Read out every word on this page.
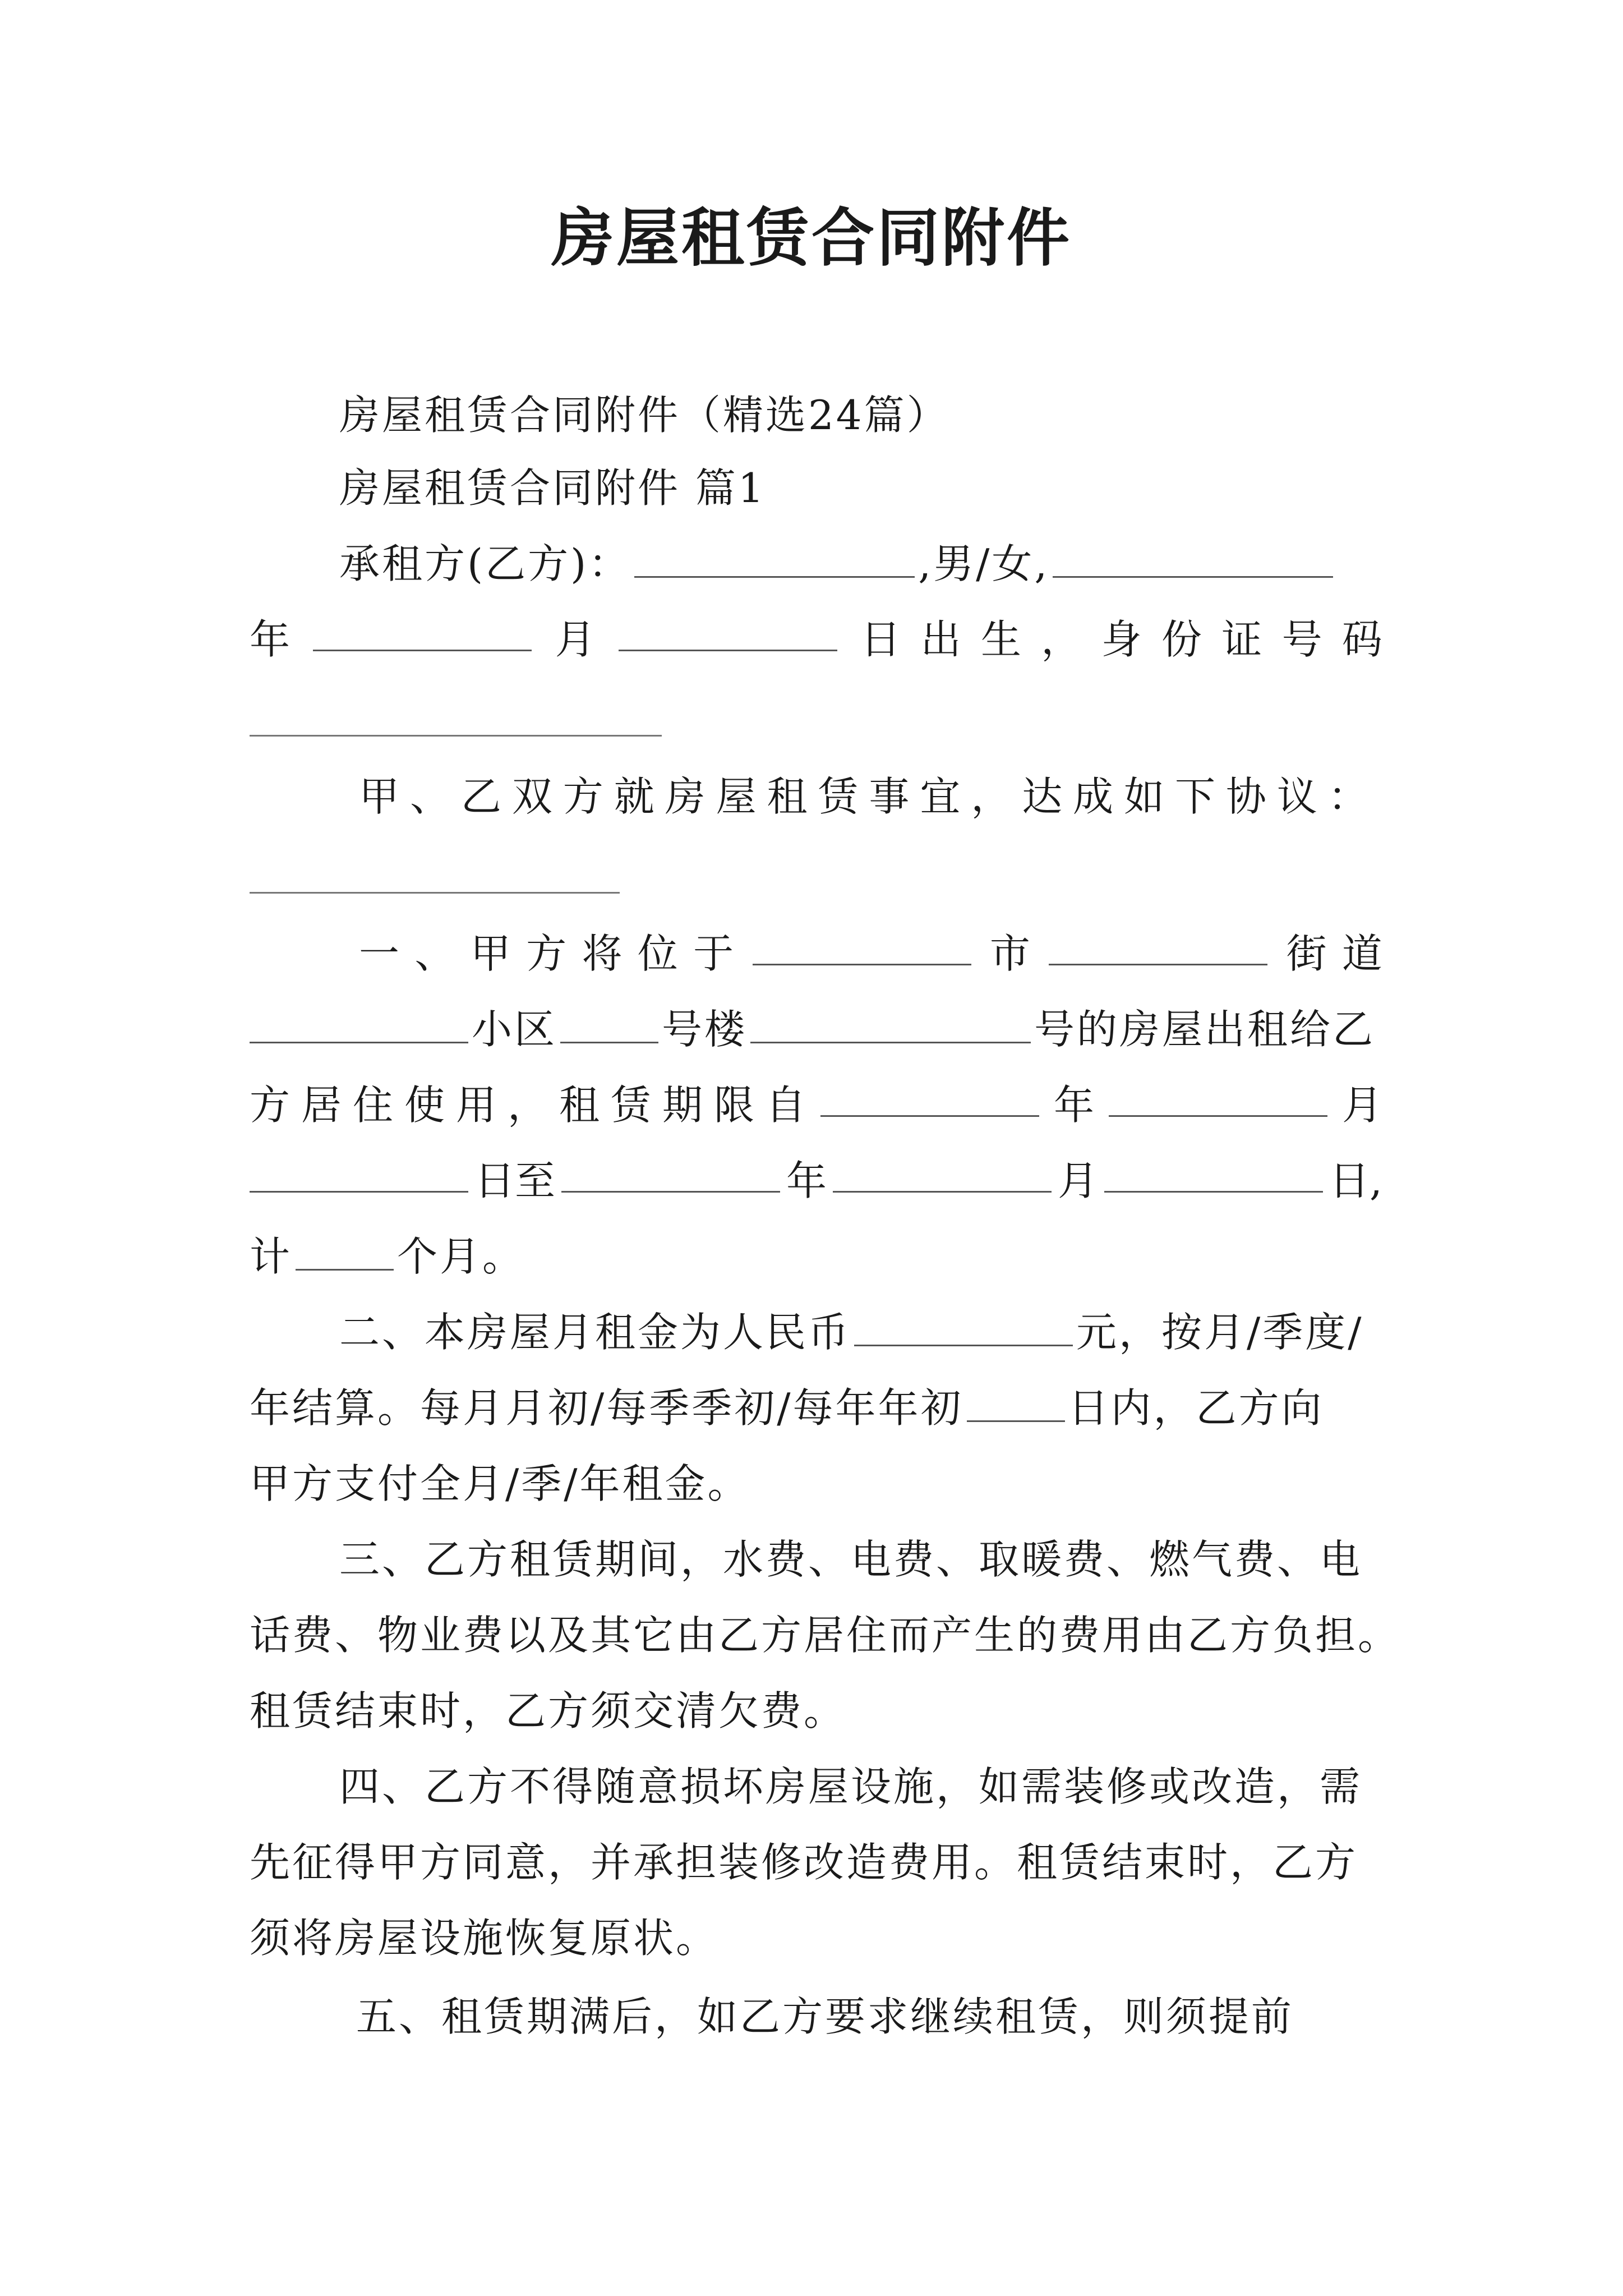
房屋租赁合同附件
房屋租赁合同附件（精选24篇）
房屋租赁合同附件 篇1
承租方(乙方)：	,男/女,
年	月	日 出 生 ， 身 份 证 号 码
甲 、 乙 双 方 就 房 屋 租 赁 事 宜 ， 达 成 如 下 协 议 ：
一 、 甲 方 将 位 于	市	街 道
小区	号楼	号的房屋出租给乙
方 居 住 使 用 ， 租 赁 期 限 自	年	月
日至	年	月	日,
计	个月。
二、本房屋月租金为人民币	元，按月/季度/
年结算。每月月初/每季季初/每年年初	日内，乙方向
甲方支付全月/季/年租金。
三、乙方租赁期间，水费、电费、取暖费、燃气费、电
话费、物业费以及其它由乙方居住而产生的费用由乙方负担。
租赁结束时，乙方须交清欠费。
四、乙方不得随意损坏房屋设施，如需装修或改造，需
先征得甲方同意，并承担装修改造费用。租赁结束时，乙方
须将房屋设施恢复原状。
五、租赁期满后，如乙方要求继续租赁，则须提前
